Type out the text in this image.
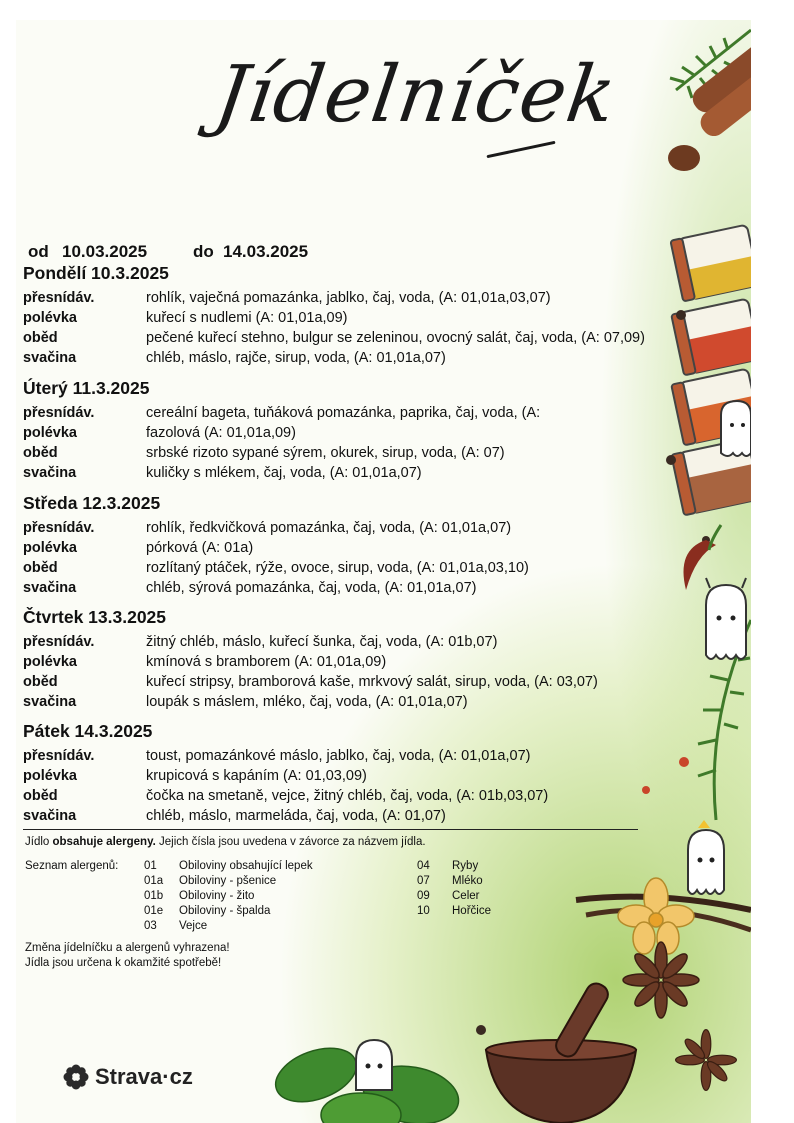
Jídelníček
od 10.03.2025	do 14.03.2025
Pondělí 10.3.2025
přesnídáv.	rohlík, vaječná pomazánka, jablko, čaj, voda, (A: 01,01a,03,07)
polévka	kuřecí s nudlemi (A: 01,01a,09)
oběd	pečené kuřecí stehno, bulgur se zeleninou, ovocný salát, čaj, voda, (A: 07,09)
svačina	chléb, máslo, rajče, sirup, voda, (A: 01,01a,07)
Úterý 11.3.2025
přesnídáv.	cereální bageta, tuňáková pomazánka, paprika, čaj, voda, (A:
polévka	fazolová (A: 01,01a,09)
oběd	srbské rizoto sypané sýrem, okurek, sirup, voda, (A: 07)
svačina	kuličky s mlékem, čaj, voda, (A: 01,01a,07)
Středa 12.3.2025
přesnídáv.	rohlík, ředkvičková pomazánka, čaj, voda, (A: 01,01a,07)
polévka	pórková (A: 01a)
oběd	rozlítaný ptáček, rýže, ovoce, sirup, voda, (A: 01,01a,03,10)
svačina	chléb, sýrová pomazánka, čaj, voda, (A: 01,01a,07)
Čtvrtek 13.3.2025
přesnídáv.	žitný chléb, máslo, kuřecí šunka, čaj, voda, (A: 01b,07)
polévka	kmínová s bramborem (A: 01,01a,09)
oběd	kuřecí stripsy, bramborová kaše, mrkvový salát, sirup, voda, (A: 03,07)
svačina	loupák s máslem, mléko, čaj, voda, (A: 01,01a,07)
Pátek 14.3.2025
přesnídáv.	toust, pomazánkové máslo, jablko, čaj, voda, (A: 01,01a,07)
polévka	krupicová s kapáním (A: 01,03,09)
oběd	čočka na smetaně, vejce, žitný chléb, čaj, voda, (A: 01b,03,07)
svačina	chléb, máslo, marmeláda, čaj, voda, (A: 01,07)
Jídlo obsahuje alergeny. Jejich čísla jsou uvedena v závorce za názvem jídla.
Seznam alergenů: 01 Obiloviny obsahující lepek
01a Obiloviny - pšenice
01b Obiloviny - žito
01e Obiloviny - špalda
03 Vejce
04 Ryby
07 Mléko
09 Celer
10 Hořčice
Změna jídelníčku a alergenů vyhrazena!
Jídla jsou určena k okamžité spotřebě!
Strava·cz
